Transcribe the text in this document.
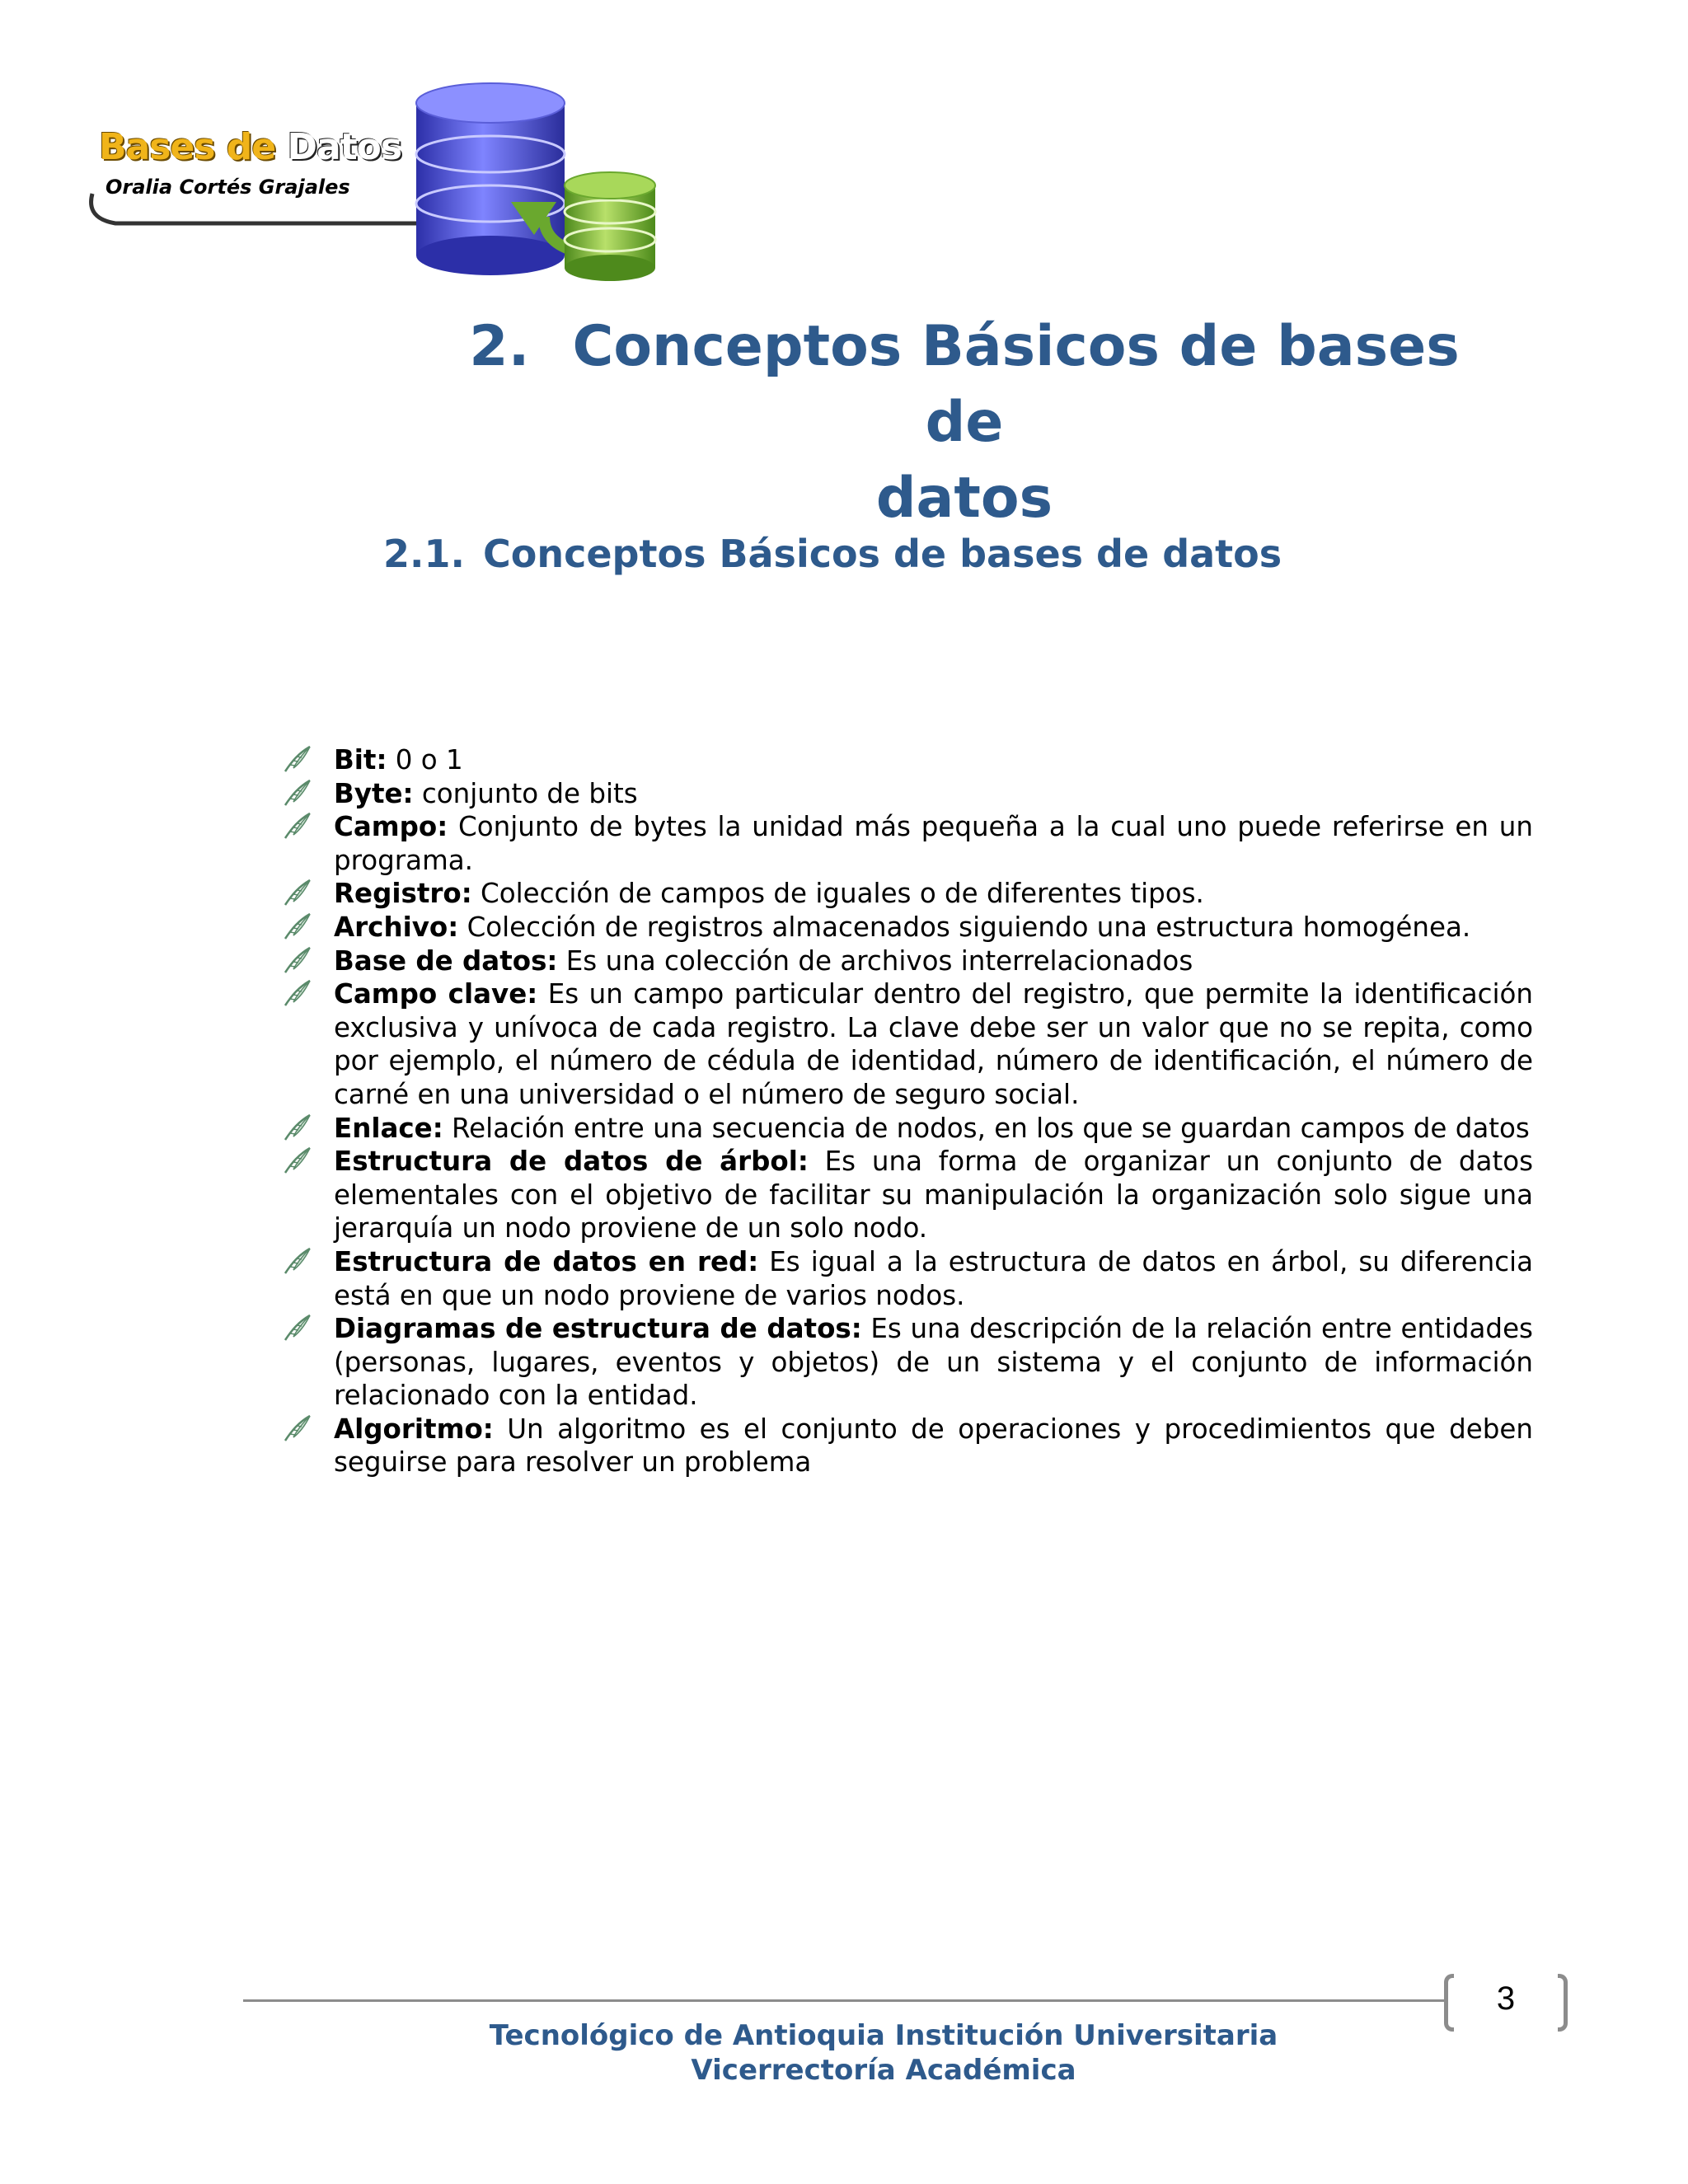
Bases de Datos
Oralia Cortés Grajales
2. Conceptos Básicos de bases de
datos
2.1. Conceptos Básicos de bases de datos
Bit: 0 o 1
Byte: conjunto de bits
Campo: Conjunto de bytes la unidad más pequeña a la cual uno puede referirse en un programa.
Registro: Colección de campos de iguales o de diferentes tipos.
Archivo: Colección de registros almacenados siguiendo una estructura homogénea.
Base de datos: Es una colección de archivos interrelacionados
Campo clave: Es un campo particular dentro del registro, que permite la identificación exclusiva y unívoca de cada registro. La clave debe ser un valor que no se repita, como por ejemplo, el número de cédula de identidad, número de identificación, el número de carné en una universidad o el número de seguro social.
Enlace: Relación entre una secuencia de nodos, en los que se guardan campos de datos
Estructura de datos de árbol: Es una forma de organizar un conjunto de datos elementales con el objetivo de facilitar su manipulación la organización solo sigue una jerarquía un nodo proviene de un solo nodo.
Estructura de datos en red: Es igual a la estructura de datos en árbol, su diferencia está en que un nodo proviene de varios nodos.
Diagramas de estructura de datos: Es una descripción de la relación entre entidades (personas, lugares, eventos y objetos) de un sistema y el conjunto de información relacionado con la entidad.
Algoritmo: Un algoritmo es el conjunto de operaciones y procedimientos que deben seguirse para resolver un problema
3
Tecnológico de Antioquia Institución Universitaria
Vicerrectoría Académica
